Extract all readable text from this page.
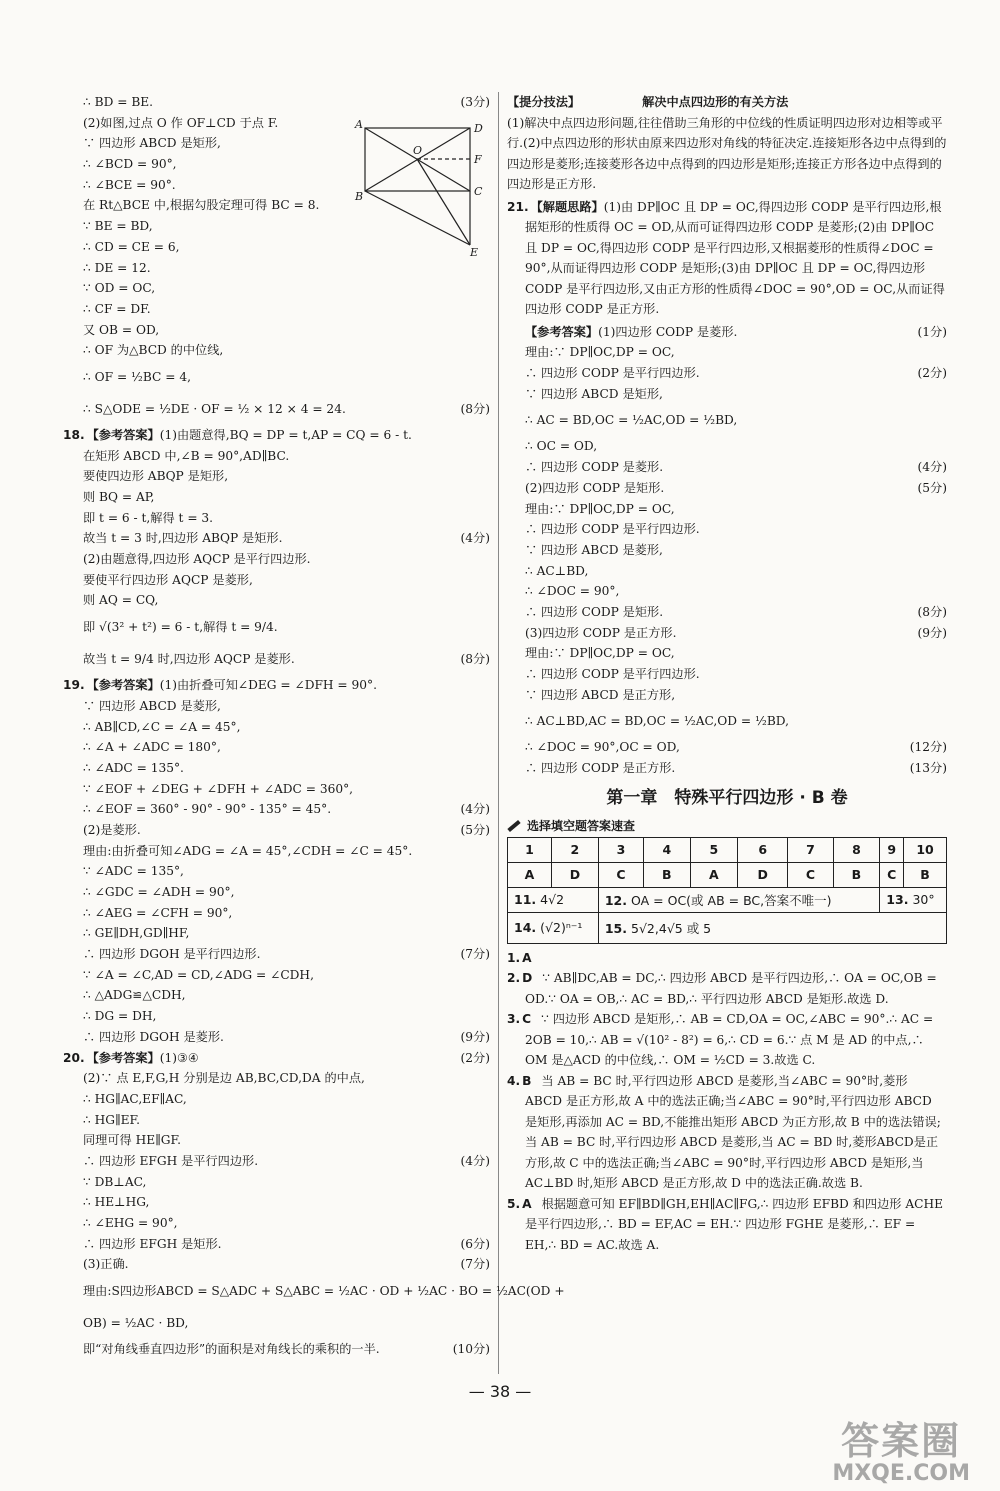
A	D
O
F
B	C
E
∴ BD = BE.	(3分)
(2)如图,过点 O 作 OF⊥CD 于点 F.
∵ 四边形 ABCD 是矩形,
∴ ∠BCD = 90°,
∴ ∠BCE = 90°.
在 Rt△BCE 中,根据勾股定理可得 BC = 8.
∵ BE = BD,
∴ CD = CE = 6,
∴ DE = 12.
∵ OD = OC,
∴ CF = DF.
又 OB = OD,
∴ OF 为△BCD 的中位线,
∴ OF = ½BC = 4,
∴ S△ODE = ½DE · OF = ½ × 12 × 4 = 24.	(8分)
18. 【参考答案】(1)由题意得,BQ = DP = t,AP = CQ = 6 - t.
在矩形 ABCD 中,∠B = 90°,AD∥BC.
要使四边形 ABQP 是矩形,
则 BQ = AP,
即 t = 6 - t,解得 t = 3.
故当 t = 3 时,四边形 ABQP 是矩形.	(4分)
(2)由题意得,四边形 AQCP 是平行四边形.
要使平行四边形 AQCP 是菱形,
则 AQ = CQ,
即 √(3² + t²) = 6 - t,解得 t = 9/4.
故当 t = 9/4 时,四边形 AQCP 是菱形.	(8分)
19. 【参考答案】(1)由折叠可知∠DEG = ∠DFH = 90°.
∵ 四边形 ABCD 是菱形,
∴ AB∥CD,∠C = ∠A = 45°,
∴ ∠A + ∠ADC = 180°,
∴ ∠ADC = 135°.
∵ ∠EOF + ∠DEG + ∠DFH + ∠ADC = 360°,
∴ ∠EOF = 360° - 90° - 90° - 135° = 45°.	(4分)
(2)是菱形.	(5分)
理由:由折叠可知∠ADG = ∠A = 45°,∠CDH = ∠C = 45°.
∵ ∠ADC = 135°,
∴ ∠GDC = ∠ADH = 90°,
∴ ∠AEG = ∠CFH = 90°,
∴ GE∥DH,GD∥HF,
∴ 四边形 DGOH 是平行四边形.	(7分)
∵ ∠A = ∠C,AD = CD,∠ADG = ∠CDH,
∴ △ADG≌△CDH,
∴ DG = DH,
∴ 四边形 DGOH 是菱形.	(9分)
20. 【参考答案】(1)③④	(2分)
(2)∵ 点 E,F,G,H 分别是边 AB,BC,CD,DA 的中点,
∴ HG∥AC,EF∥AC,
∴ HG∥EF.
同理可得 HE∥GF.
∴ 四边形 EFGH 是平行四边形.	(4分)
∵ DB⊥AC,
∴ HE⊥HG,
∴ ∠EHG = 90°,
∴ 四边形 EFGH 是矩形.	(6分)
(3)正确.	(7分)
理由:S四边形ABCD = S△ADC + S△ABC = ½AC · OD + ½AC · BO = ½AC(OD +
OB) = ½AC · BD,
即“对角线垂直四边形”的面积是对角线长的乘积的一半.	(10分)
【提分技法】	解决中点四边形的有关方法
(1)解决中点四边形问题,往往借助三角形的中位线的性质证明四边形对边相等或平行.(2)中点四边形的形状由原来四边形对角线的特征决定.连接矩形各边中点得到的四边形是菱形;连接菱形各边中点得到的四边形是矩形;连接正方形各边中点得到的四边形是正方形.
21. 【解题思路】(1)由 DP∥OC 且 DP = OC,得四边形 CODP 是平行四边形,根据矩形的性质得 OC = OD,从而可证得四边形 CODP 是菱形;(2)由 DP∥OC 且 DP = OC,得四边形 CODP 是平行四边形,又根据菱形的性质得∠DOC = 90°,从而证得四边形 CODP 是矩形;(3)由 DP∥OC 且 DP = OC,得四边形 CODP 是平行四边形,又由正方形的性质得∠DOC = 90°,OD = OC,从而证得四边形 CODP 是正方形.
【参考答案】(1)四边形 CODP 是菱形.	(1分)
理由:∵ DP∥OC,DP = OC,
∴ 四边形 CODP 是平行四边形.	(2分)
∵ 四边形 ABCD 是矩形,
∴ AC = BD,OC = ½AC,OD = ½BD,
∴ OC = OD,
∴ 四边形 CODP 是菱形.	(4分)
(2)四边形 CODP 是矩形.	(5分)
理由:∵ DP∥OC,DP = OC,
∴ 四边形 CODP 是平行四边形.
∵ 四边形 ABCD 是菱形,
∴ AC⊥BD,
∴ ∠DOC = 90°,
∴ 四边形 CODP 是矩形.	(8分)
(3)四边形 CODP 是正方形.	(9分)
理由:∵ DP∥OC,DP = OC,
∴ 四边形 CODP 是平行四边形.
∵ 四边形 ABCD 是正方形,
∴ AC⊥BD,AC = BD,OC = ½AC,OD = ½BD,
∴ ∠DOC = 90°,OC = OD,	(12分)
∴ 四边形 CODP 是正方形.	(13分)
第一章　特殊平行四边形 · B 卷
选择填空题答案速查
1	2	3	4	5	6	7	8	9	10
A	D	C	B	A	D	C	B	C	B
11. 4√2		12. OA = OC(或 AB = BC,答案不唯一)						13. 30°	
14. (√2)ⁿ⁻¹		15. 5√2,4√5 或 5							
1. A
2. D ∵ AB∥DC,AB = DC,∴ 四边形 ABCD 是平行四边形,∴ OA = OC,OB = OD.∵ OA = OB,∴ AC = BD,∴ 平行四边形 ABCD 是矩形.故选 D.
3. C ∵ 四边形 ABCD 是矩形,∴ AB = CD,OA = OC,∠ABC = 90°.∴ AC = 2OB = 10,∴ AB = √(10² - 8²) = 6,∴ CD = 6.∵ 点 M 是 AD 的中点,∴ OM 是△ACD 的中位线,∴ OM = ½CD = 3.故选 C.
4. B 当 AB = BC 时,平行四边形 ABCD 是菱形,当∠ABC = 90°时,菱形 ABCD 是正方形,故 A 中的选法正确;当∠ABC = 90°时,平行四边形 ABCD 是矩形,再添加 AC = BD,不能推出矩形 ABCD 为正方形,故 B 中的选法错误;当 AB = BC 时,平行四边形 ABCD 是菱形,当 AC = BD 时,菱形ABCD是正方形,故 C 中的选法正确;当∠ABC = 90°时,平行四边形 ABCD 是矩形,当 AC⊥BD 时,矩形 ABCD 是正方形,故 D 中的选法正确.故选 B.
5. A 根据题意可知 EF∥BD∥GH,EH∥AC∥FG,∴ 四边形 EFBD 和四边形 ACHE 是平行四边形,∴ BD = EF,AC = EH.∵ 四边形 FGHE 是菱形,∴ EF = EH,∴ BD = AC.故选 A.
— 38 —
答案圈
MXQE.COM
